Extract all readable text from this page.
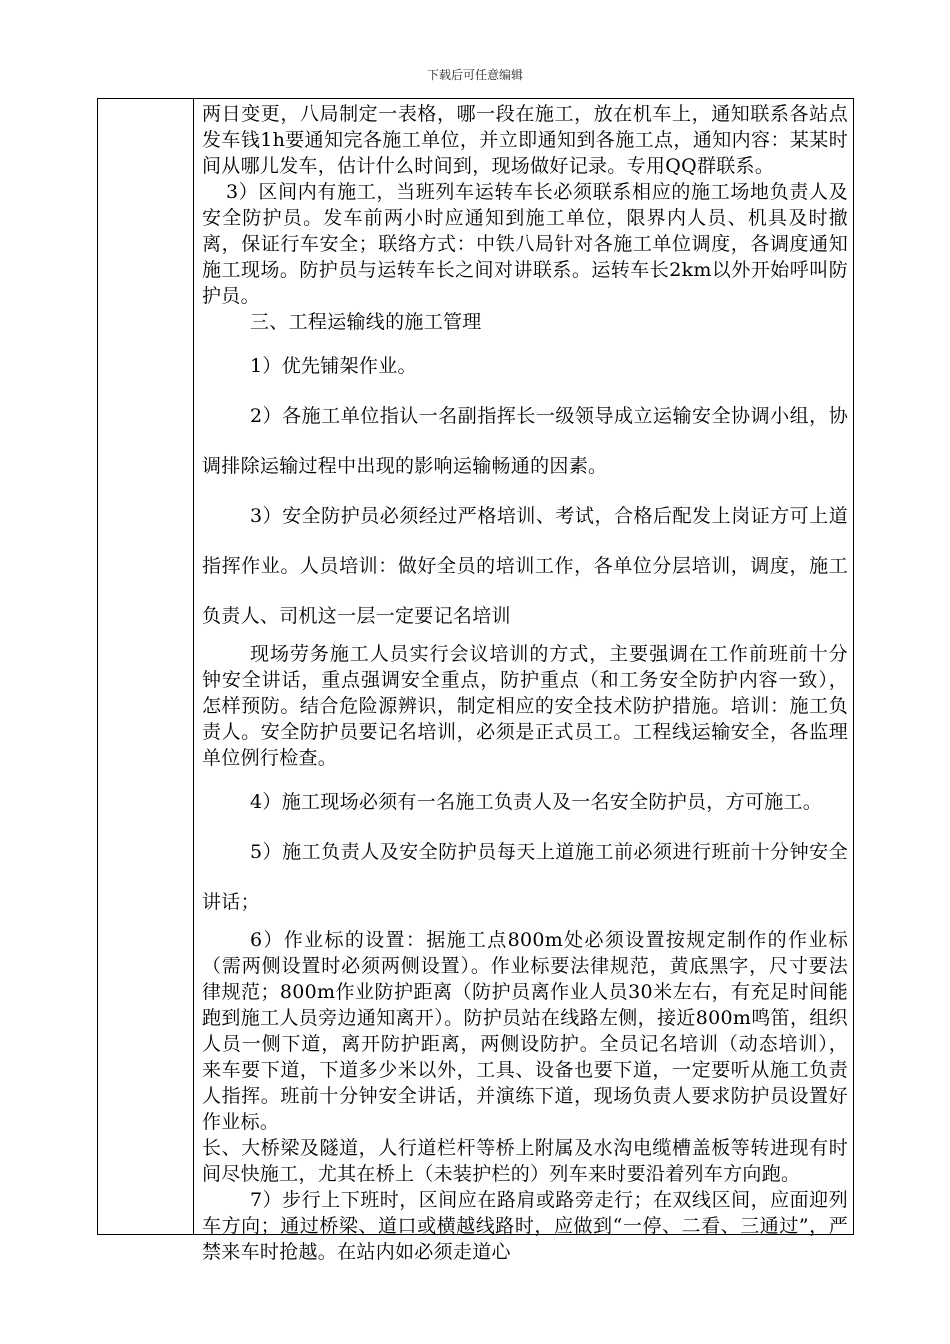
下载后可任意编辑

两日变更，八局制定一表格，哪一段在施工，放在机车上，通知联系各站点发车钱1h要通知完各施工单位，并立即通知到各施工点，通知内容：某某时间从哪儿发车，估计什么时间到，现场做好记录。专用QQ群联系。

3）区间内有施工，当班列车运转车长必须联系相应的施工场地负责人及安全防护员。发车前两小时应通知到施工单位，限界内人员、机具及时撤离，保证行车安全；联络方式：中铁八局针对各施工单位调度，各调度通知施工现场。防护员与运转车长之间对讲联系。运转车长2km以外开始呼叫防护员。

三、工程运输线的施工管理

1）优先铺架作业。

2）各施工单位指认一名副指挥长一级领导成立运输安全协调小组，协调排除运输过程中出现的影响运输畅通的因素。

3）安全防护员必须经过严格培训、考试，合格后配发上岗证方可上道指挥作业。人员培训：做好全员的培训工作，各单位分层培训，调度，施工负责人、司机这一层一定要记名培训

现场劳务施工人员实行会议培训的方式，主要强调在工作前班前十分钟安全讲话，重点强调安全重点，防护重点（和工务安全防护内容一致），怎样预防。结合危险源辨识，制定相应的安全技术防护措施。培训：施工负责人。安全防护员要记名培训，必须是正式员工。工程线运输安全，各监理单位例行检查。

4）施工现场必须有一名施工负责人及一名安全防护员，方可施工。

5）施工负责人及安全防护员每天上道施工前必须进行班前十分钟安全讲话；

6）作业标的设置：据施工点800m处必须设置按规定制作的作业标（需两侧设置时必须两侧设置）。作业标要法律规范，黄底黑字，尺寸要法律规范；800m作业防护距离（防护员离作业人员30米左右，有充足时间能跑到施工人员旁边通知离开）。防护员站在线路左侧，接近800m鸣笛，组织人员一侧下道，离开防护距离，两侧设防护。全员记名培训（动态培训），来车要下道，下道多少米以外，工具、设备也要下道，一定要听从施工负责人指挥。班前十分钟安全讲话，并演练下道，现场负责人要求防护员设置好作业标。

长、大桥梁及隧道，人行道栏杆等桥上附属及水沟电缆槽盖板等转进现有时间尽快施工，尤其在桥上（未装护栏的）列车来时要沿着列车方向跑。

7）步行上下班时，区间应在路肩或路旁走行；在双线区间，应面迎列车方向；通过桥梁、道口或横越线路时，应做到“一停、二看、三通过”，严禁来车时抢越。在站内如必须走道心
